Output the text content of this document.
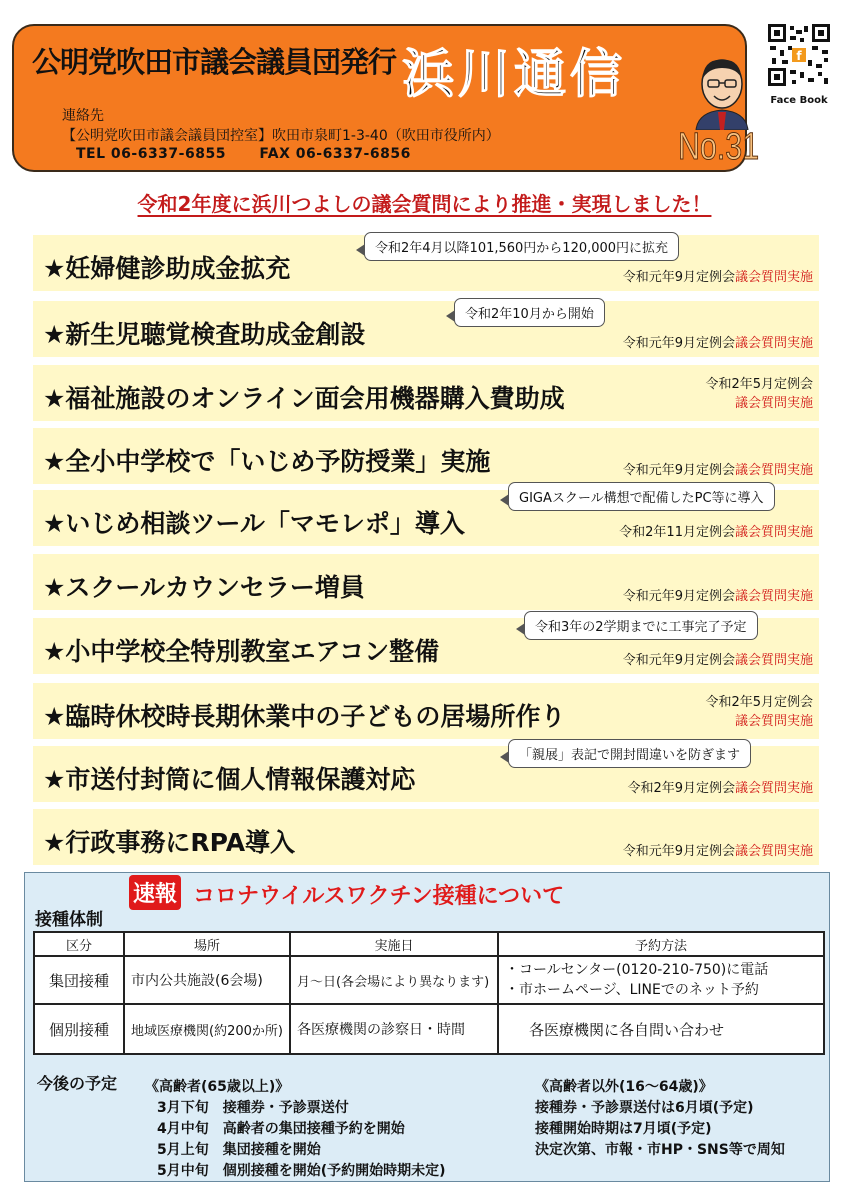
公明党吹田市議会議員団発行 浜川通信
連絡先
【公明党吹田市議会議員団控室】吹田市泉町1-3-40（吹田市役所内）
TEL 06-6337-6855 FAX 06-6337-6856	No.31
f
Face Book
令和2年度に浜川つよしの議会質問により推進・実現しました！
★妊婦健診助成金拡充	令和元年9月定例会議会質問実施
令和2年4月以降101,560円から120,000円に拡充
★新生児聴覚検査助成金創設	令和元年9月定例会議会質問実施
令和2年10月から開始
★福祉施設のオンライン面会用機器購入費助成	令和2年5月定例会
議会質問実施
★全小中学校で「いじめ予防授業」実施	令和元年9月定例会議会質問実施
★いじめ相談ツール「マモレポ」導入	令和2年11月定例会議会質問実施
GIGAスクール構想で配備したPC等に導入
★スクールカウンセラー増員	令和元年9月定例会議会質問実施
★小中学校全特別教室エアコン整備	令和元年9月定例会議会質問実施
令和3年の2学期までに工事完了予定
★臨時休校時長期休業中の子どもの居場所作り	令和2年5月定例会
議会質問実施
★市送付封筒に個人情報保護対応	令和2年9月定例会議会質問実施
「親展」表記で開封間違いを防ぎます
★行政事務にRPA導入	令和元年9月定例会議会質問実施
速報 コロナウイルスワクチン接種について
接種体制
区分	場所	実施日	予約方法
集団接種	市内公共施設(6会場)	月～日(各会場により異なります)	・コールセンター(0120-210-750)に電話
・市ホームページ、LINEでのネット予約

個別接種	地域医療機関(約200か所)	各医療機関の診察日・時間	各医療機関に各自問い合わせ
今後の予定 《高齢者(65歳以上)》
3月下旬　接種券・予診票送付
4月中旬　高齢者の集団接種予約を開始
5月上旬　集団接種を開始
5月中旬　個別接種を開始(予約開始時期未定)
《高齢者以外(16～64歳)》
接種券・予診票送付は6月頃(予定)
接種開始時期は7月頃(予定)
決定次第、市報・市HP・SNS等で周知
